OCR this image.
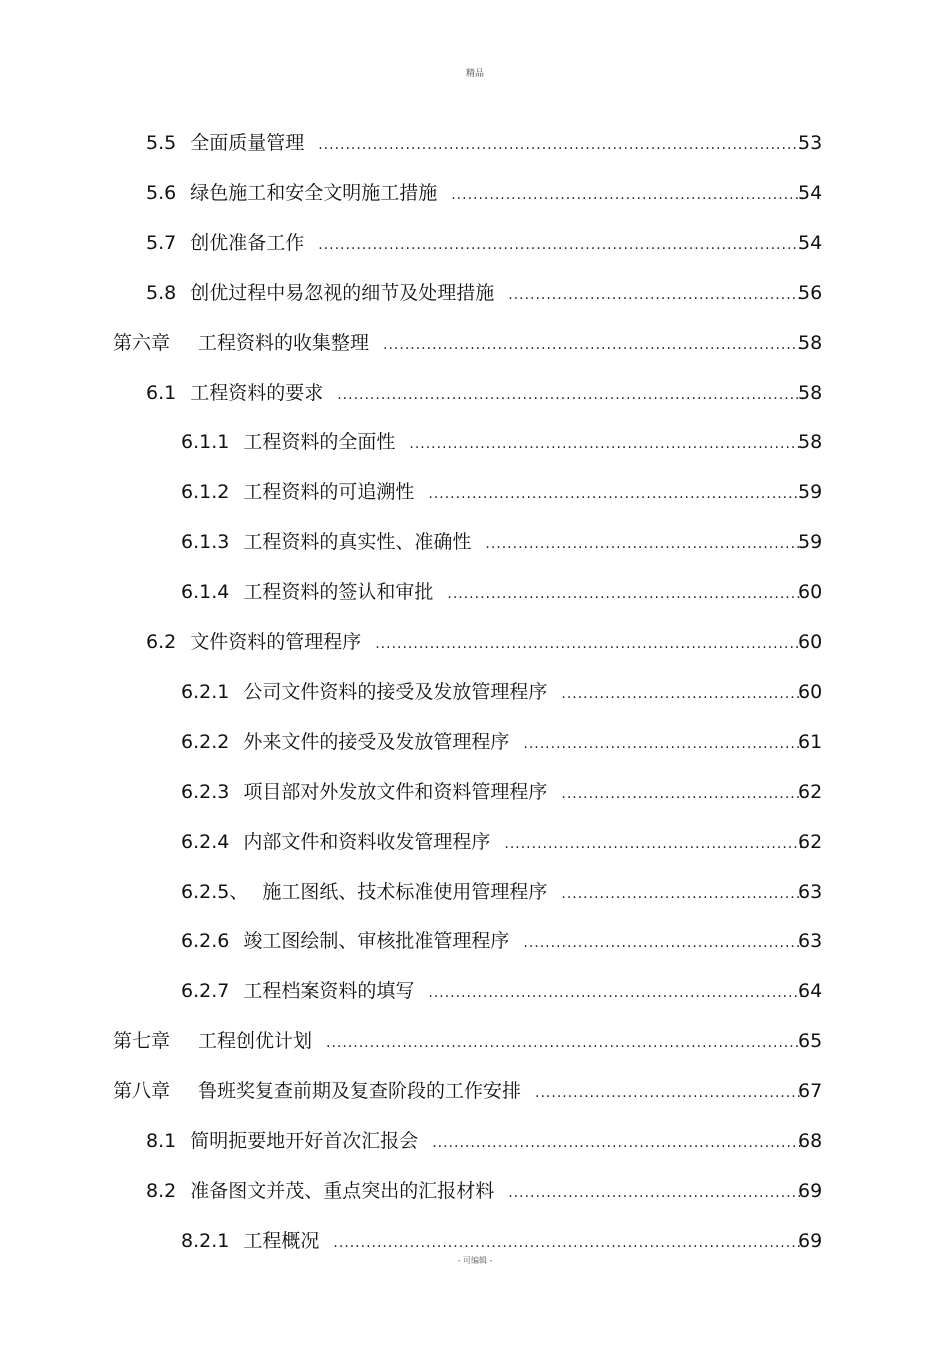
精品
5.5 全面质量管理 .....	53
5.6 绿色施工和安全文明施工措施 .....	54
5.7 创优准备工作 .....	54
5.8 创优过程中易忽视的细节及处理措施 .....	56
第六章 工程资料的收集整理 .....	58
6.1 工程资料的要求 .....	58
6.1.1 工程资料的全面性 .....	58
6.1.2 工程资料的可追溯性 .....	59
6.1.3 工程资料的真实性、准确性 .....	59
6.1.4 工程资料的签认和审批 .....	60
6.2 文件资料的管理程序 .....	60
6.2.1 公司文件资料的接受及发放管理程序 .....	60
6.2.2 外来文件的接受及发放管理程序 .....	61
6.2.3 项目部对外发放文件和资料管理程序 .....	62
6.2.4 内部文件和资料收发管理程序 .....	62
6.2.5、 施工图纸、技术标准使用管理程序 .....	63
6.2.6 竣工图绘制、审核批准管理程序 .....	63
6.2.7 工程档案资料的填写 .....	64
第七章 工程创优计划 .....	65
第八章 鲁班奖复查前期及复查阶段的工作安排 .....	67
8.1 简明扼要地开好首次汇报会 .....	68
8.2 准备图文并茂、重点突出的汇报材料 .....	69
8.2.1 工程概况 .....	69
- 可编辑 -
